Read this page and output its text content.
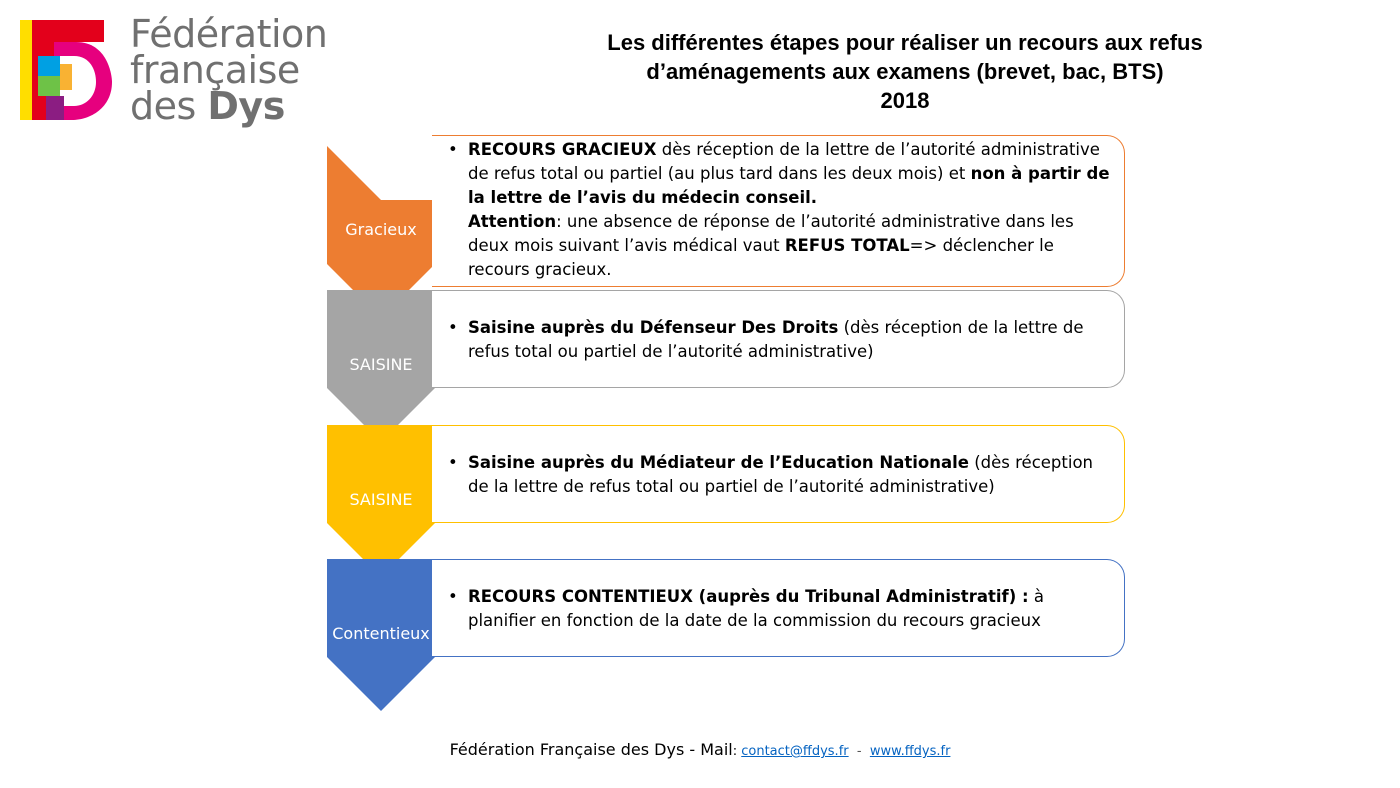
Fédération
française
des Dys
Les différentes étapes pour réaliser un recours aux refus
d’aménagements aux examens (brevet, bac, BTS)
2018
Gracieux
• RECOURS GRACIEUX dès réception de la lettre de l’autorité administrative de refus total ou partiel (au plus tard dans les deux mois) et non à partir de la lettre de l’avis du médecin conseil.
Attention: une absence de réponse de l’autorité administrative dans les deux mois suivant l’avis médical vaut REFUS TOTAL=> déclencher le recours gracieux.
SAISINE
• Saisine auprès du Défenseur Des Droits (dès réception de la lettre de refus total ou partiel de l’autorité administrative)
SAISINE
• Saisine auprès du Médiateur de l’Education Nationale (dès réception de la lettre de refus total ou partiel de l’autorité administrative)
Contentieux
• RECOURS CONTENTIEUX (auprès du Tribunal Administratif) : à planifier en fonction de la date de la commission du recours gracieux
Fédération Française des Dys - Mail: contact@ffdys.fr  -  www.ffdys.fr
